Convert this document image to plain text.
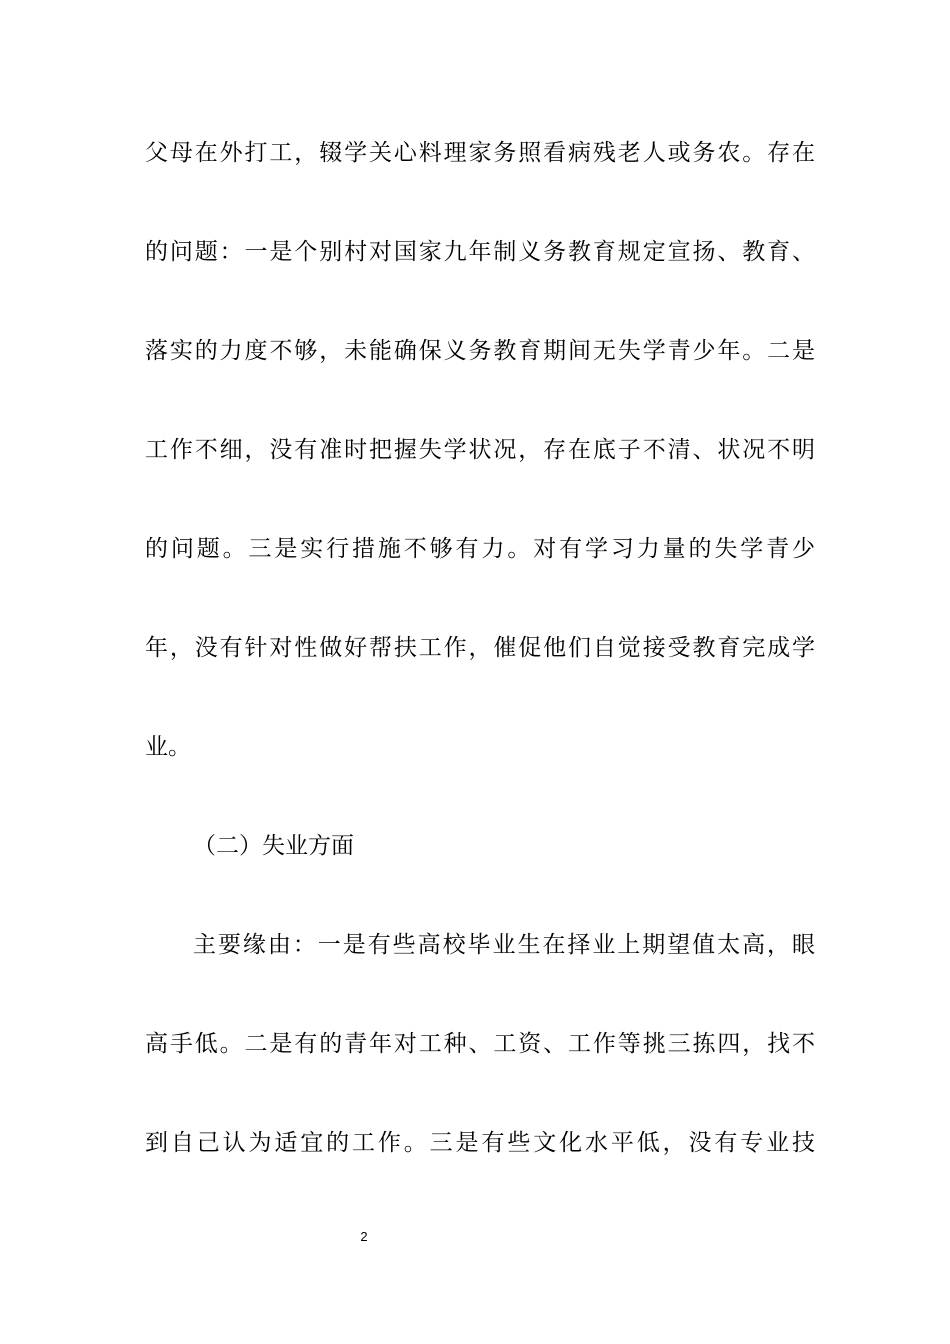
父母在外打工，辍学关心料理家务照看病残老人或务农。存在
的问题：一是个别村对国家九年制义务教育规定宣扬、教育、
落实的力度不够，未能确保义务教育期间无失学青少年。二是
工作不细，没有准时把握失学状况，存在底子不清、状况不明
的问题。三是实行措施不够有力。对有学习力量的失学青少
年，没有针对性做好帮扶工作，催促他们自觉接受教育完成学
业。
（二）失业方面
主要缘由：一是有些高校毕业生在择业上期望值太高，眼
高手低。二是有的青年对工种、工资、工作等挑三拣四，找不
到自己认为适宜的工作。三是有些文化水平低，没有专业技
2
